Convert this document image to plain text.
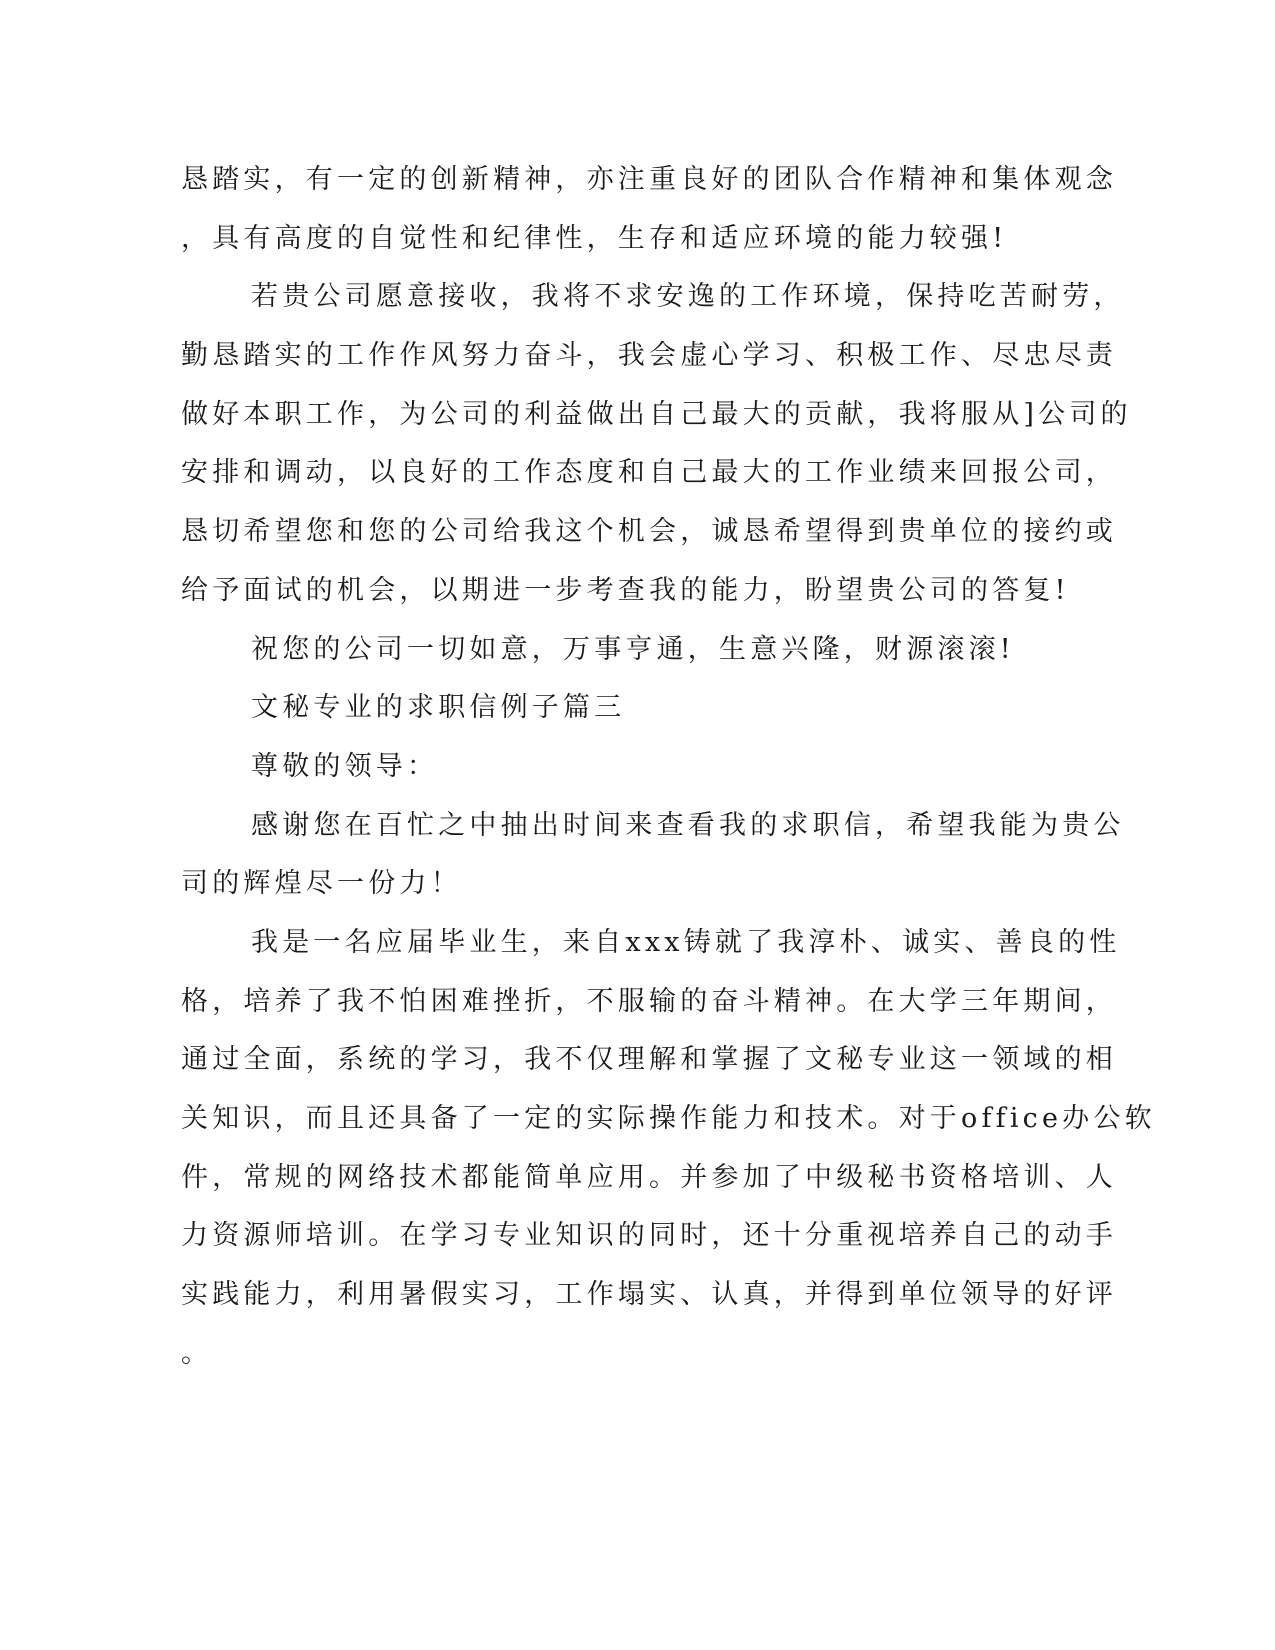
恳踏实，有一定的创新精神，亦注重良好的团队合作精神和集体观念
，具有高度的自觉性和纪律性，生存和适应环境的能力较强!
若贵公司愿意接收，我将不求安逸的工作环境，保持吃苦耐劳，
勤恳踏实的工作作风努力奋斗，我会虚心学习、积极工作、尽忠尽责
做好本职工作，为公司的利益做出自己最大的贡献，我将服从]公司的
安排和调动，以良好的工作态度和自己最大的工作业绩来回报公司，
恳切希望您和您的公司给我这个机会，诚恳希望得到贵单位的接约或
给予面试的机会，以期进一步考查我的能力，盼望贵公司的答复!
祝您的公司一切如意，万事亨通，生意兴隆，财源滚滚!
文秘专业的求职信例子篇三
尊敬的领导：
感谢您在百忙之中抽出时间来查看我的求职信，希望我能为贵公
司的辉煌尽一份力！
我是一名应届毕业生，来自xxx铸就了我淳朴、诚实、善良的性
格，培养了我不怕困难挫折，不服输的奋斗精神。在大学三年期间，
通过全面，系统的学习，我不仅理解和掌握了文秘专业这一领域的相
关知识，而且还具备了一定的实际操作能力和技术。对于office办公软
件，常规的网络技术都能简单应用。并参加了中级秘书资格培训、人
力资源师培训。在学习专业知识的同时，还十分重视培养自己的动手
实践能力，利用暑假实习，工作塌实、认真，并得到单位领导的好评
。
